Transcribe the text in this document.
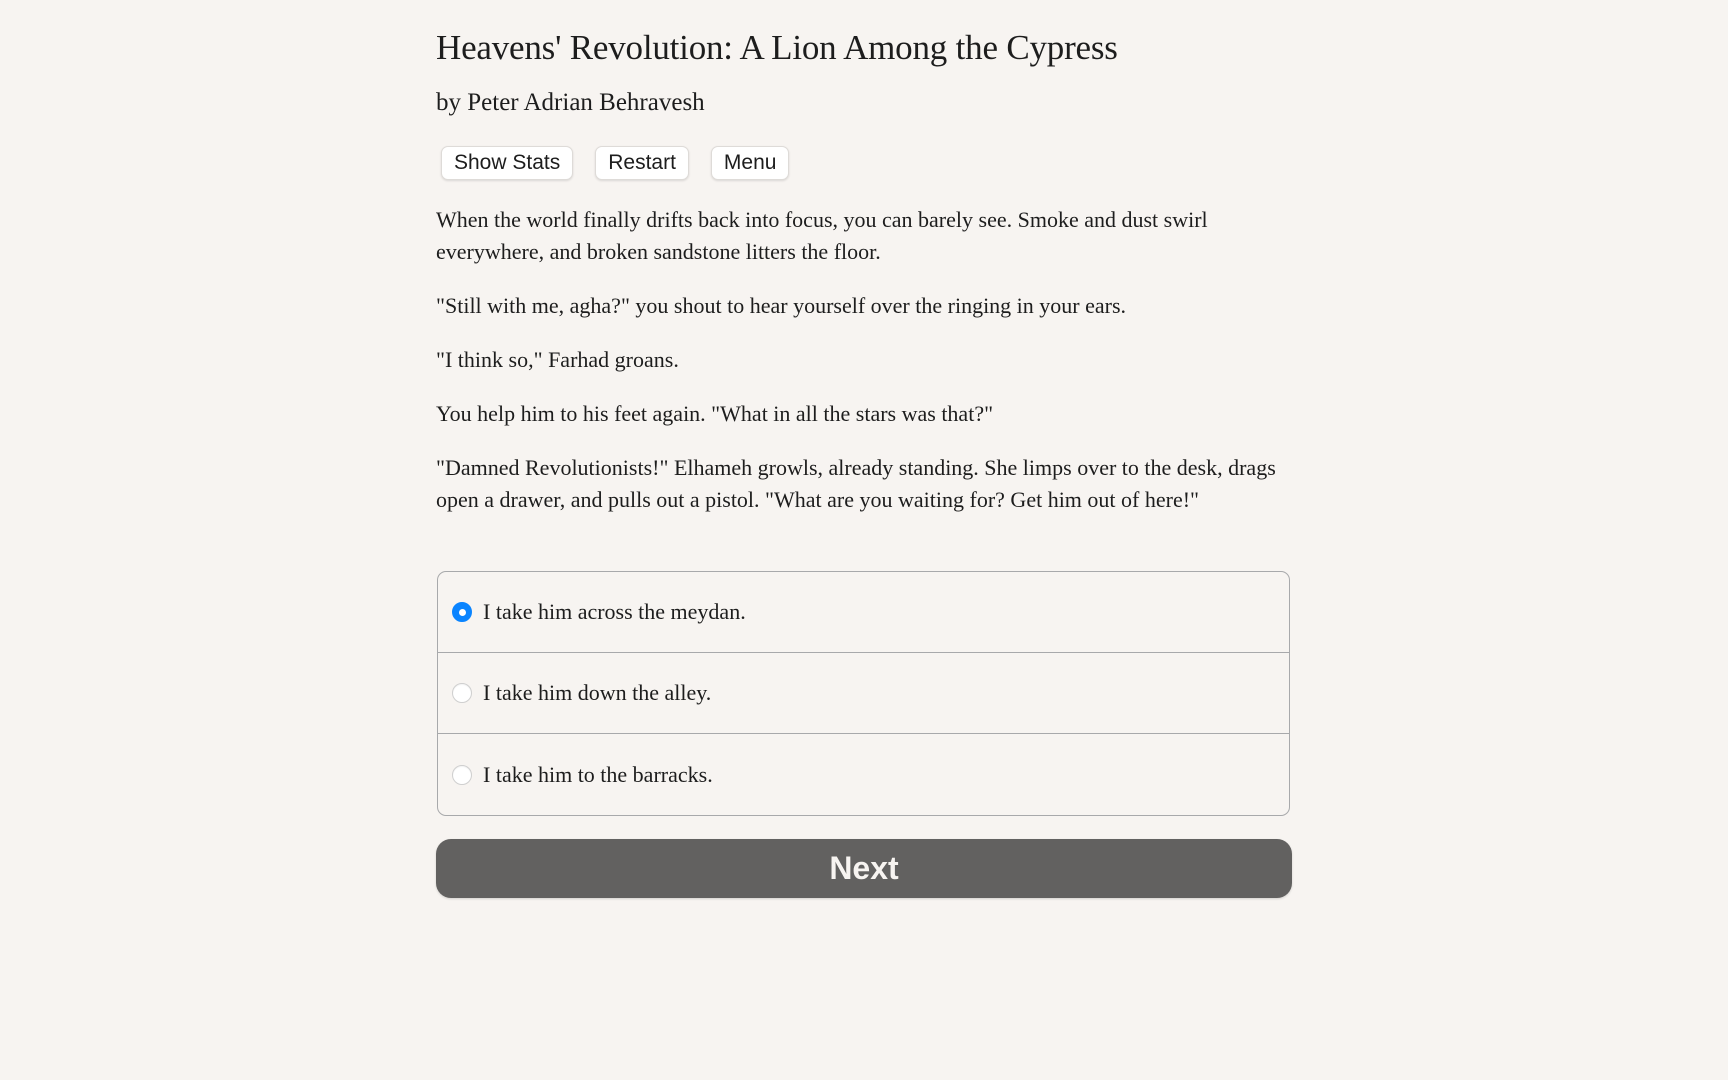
Heavens' Revolution: A Lion Among the Cypress
by Peter Adrian Behravesh
Show Stats	Restart	Menu

When the world finally drifts back into focus, you can barely see. Smoke and dust swirl everywhere, and broken sandstone litters the floor.

"Still with me, agha?" you shout to hear yourself over the ringing in your ears.

"I think so," Farhad groans.

You help him to his feet again. "What in all the stars was that?"

"Damned Revolutionists!" Elhameh growls, already standing. She limps over to the desk, drags open a drawer, and pulls out a pistol. "What are you waiting for? Get him out of here!"

I take him across the meydan.
I take him down the alley.
I take him to the barracks.
Next
